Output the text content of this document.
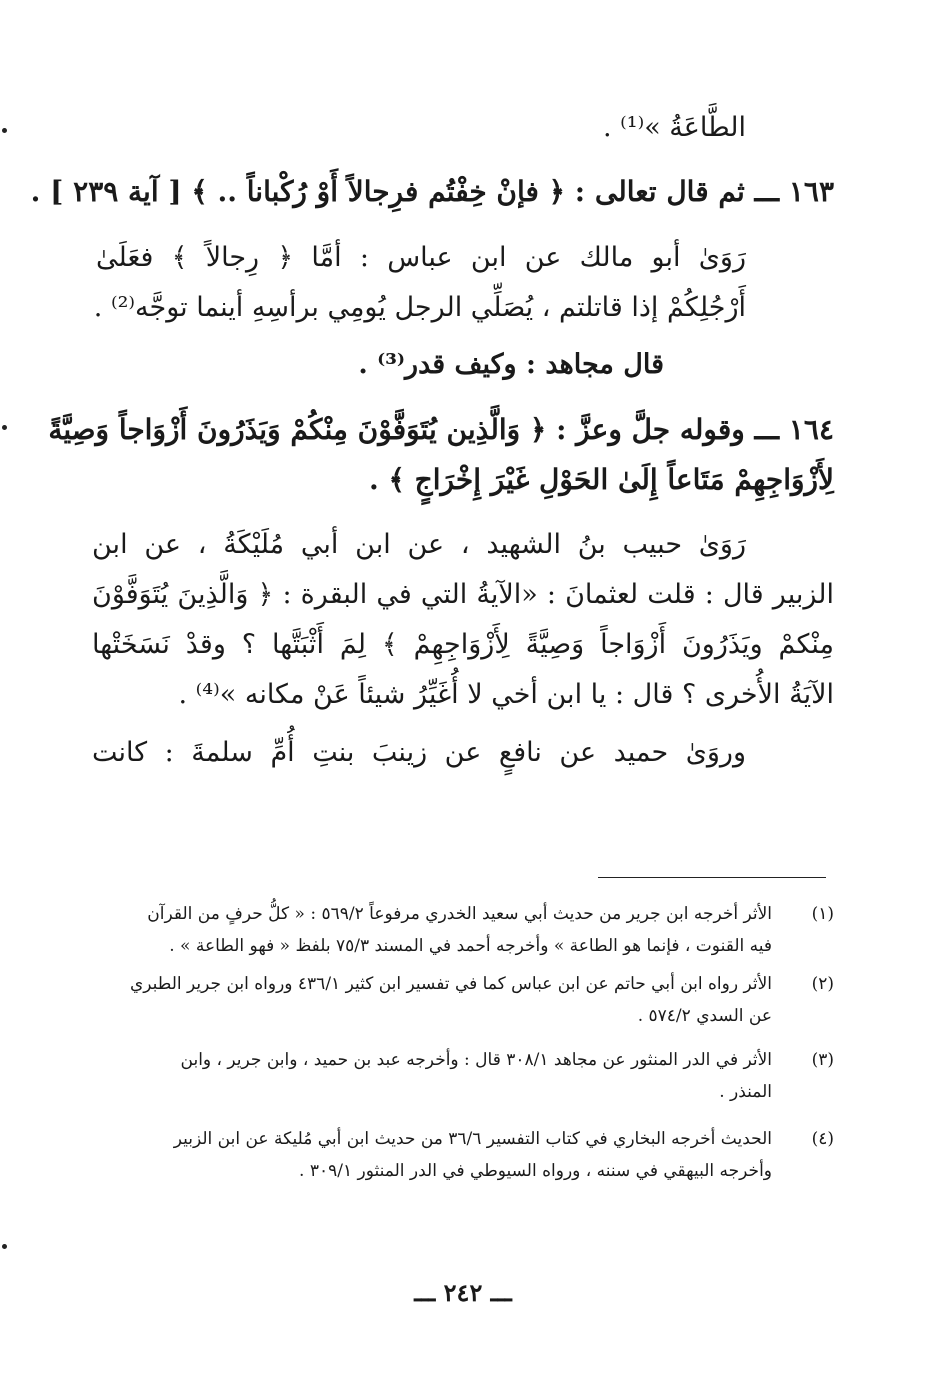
الطَّاعَةُ »⁽¹⁾ .
١٦٣ ـــ ثم قال تعالى : ﴿ فإنْ خِفْتُم فرِجالاً أَوْ رُكْباناً .. ﴾ [ آية ٢٣٩ ] .
رَوَىٰ أبو مالك عن ابن عباس : أمَّا ﴿ رِجالاً ﴾ فعَلَىٰ
أَرْجُلِكُمْ إذا قاتلتم ، يُصَلِّي الرجل يُومِي برأسِهِ أينما توجَّه⁽²⁾ .
قال مجاهد : وكيف قدر⁽³⁾ .
١٦٤ ـــ وقوله جلَّ وعزَّ : ﴿ وَالَّذِين يُتَوَفَّوْنَ مِنْكُمْ وَيَذَرُونَ أَزْوَاجاً وَصِيَّةً
لِأَزْوَاجِهِمْ مَتَاعاً إِلَىٰ الحَوْلِ غَيْرَ إِخْرَاجٍ ﴾ .
رَوَىٰ حبيب بنُ الشهيد ، عن ابن أبي مُلَيْكَةُ ، عن ابن
الزبير قال : قلت لعثمانَ : «الآيةُ التي في البقرة : ﴿ وَالَّذِينَ يُتَوَفَّوْنَ
مِنْكمْ ويَذَرُونَ أَزْوَاجاً وَصِيَّةً لِأَزْوَاجِهِمْ ﴾ لِمَ أَثْبَتَّها ؟ وقدْ نَسَخَتْها
الآيَةُ الأُخرى ؟ قال : يا ابن أخي لا أُغَيِّرُ شيئاً عَنْ مكانه »⁽⁴⁾ .
وروَىٰ حميد عن نافعٍ عن زينبَ بنتِ أُمِّ سلمةَ : كانت
(١)
الأثر أخرجه ابن جرير من حديث أبي سعيد الخدري مرفوعاً ٥٦٩/٢ : « كلُّ حرفٍ من القرآن
فيه القنوت ، فإنما هو الطاعة » وأخرجه أحمد في المسند ٧٥/٣ بلفظ « فهو الطاعة » .
(٢)
الأثر رواه ابن أبي حاتم عن ابن عباس كما في تفسير ابن كثير ٤٣٦/١ ورواه ابن جرير الطبري
عن السدي ٥٧٤/٢ .
(٣)
الأثر في الدر المنثور عن مجاهد ٣٠٨/١ قال : وأخرجه عبد بن حميد ، وابن جرير ، وابن
المنذر .
(٤)
الحديث أخرجه البخاري في كتاب التفسير ٣٦/٦ من حديث ابن أبي مُليكة عن ابن الزبير
وأخرجه البيهقي في سننه ، ورواه السيوطي في الدر المنثور ٣٠٩/١ .
ـــ ٢٤٢ ـــ
